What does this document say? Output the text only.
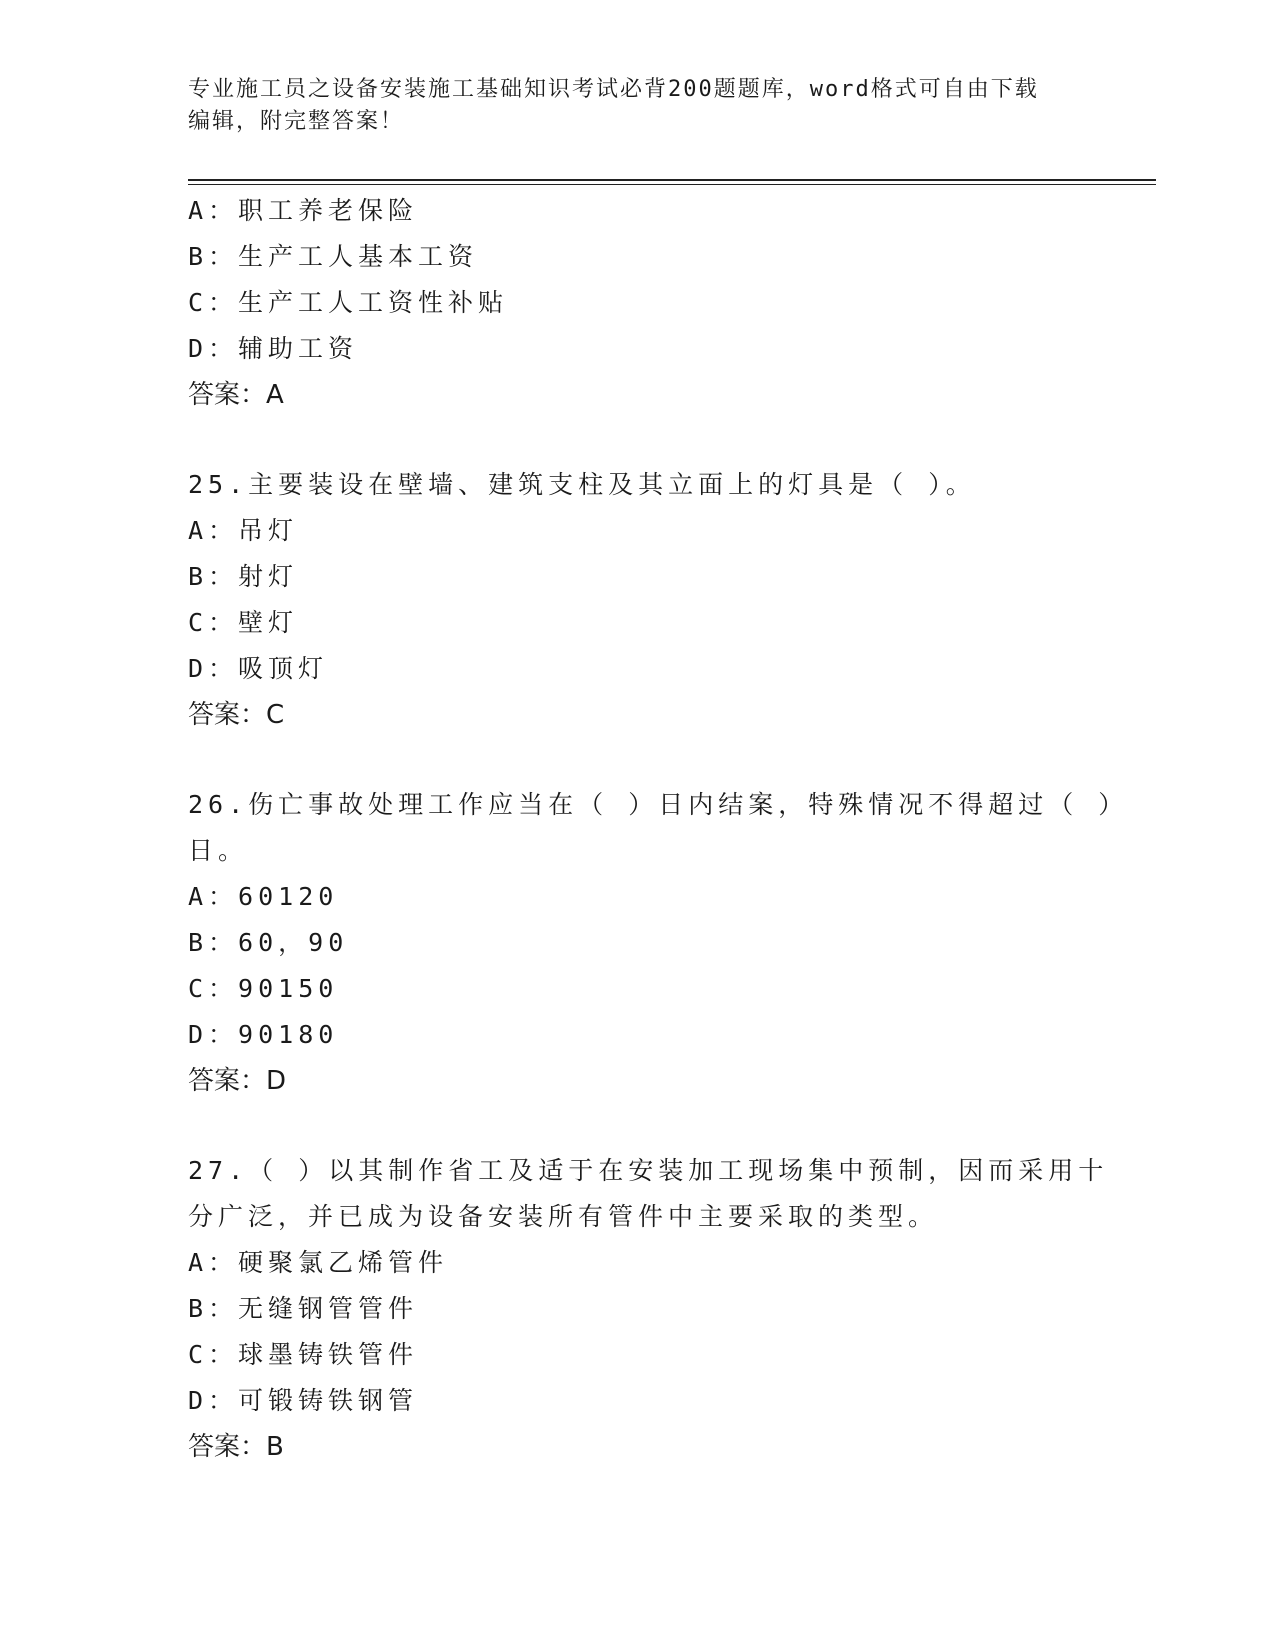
专业施工员之设备安装施工基础知识考试必背200题题库，word格式可自由下载
编辑，附完整答案！
A：职工养老保险
B：生产工人基本工资
C：生产工人工资性补贴
D：辅助工资
答案：A
25.主要装设在壁墙、建筑支柱及其立面上的灯具是（ ）。
A：吊灯
B：射灯
C：壁灯
D：吸顶灯
答案：C
26.伤亡事故处理工作应当在（ ）日内结案，特殊情况不得超过（ ）
日。
A：60120
B：60，90
C：90150
D：90180
答案：D
27.（ ）以其制作省工及适于在安装加工现场集中预制，因而采用十
分广泛，并已成为设备安装所有管件中主要采取的类型。
A：硬聚氯乙烯管件
B：无缝钢管管件
C：球墨铸铁管件
D：可锻铸铁钢管
答案：B
